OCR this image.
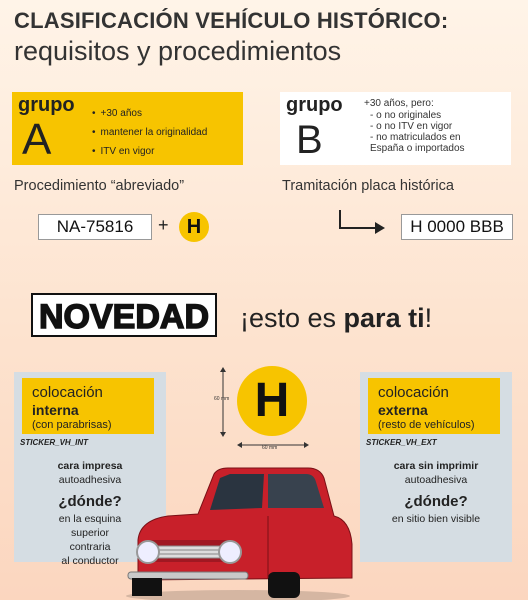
CLASIFICACIÓN VEHÍCULO HISTÓRICO:
requisitos y procedimientos
grupo
A
• +30 años
• mantener la originalidad
• ITV en vigor
grupo
B
+30 años, pero:
- o no originales
- o no ITV en vigor
- no matriculados en
España o importados
Procedimiento “abreviado”	Tramitación placa histórica
NA-75816	+ H	H 0000 BBB
NOVEDAD ¡esto es para ti!
colocación
interna
(con parabrisas)
STICKER_VH_INT
cara impresa
autoadhesiva
¿dónde?
en la esquina
superior
contraria
al conductor
colocación
externa
(resto de vehículos)
STICKER_VH_EXT
cara sin imprimir
autoadhesiva
¿dónde?
en sitio bien visible
60 mm
60 mm
H
